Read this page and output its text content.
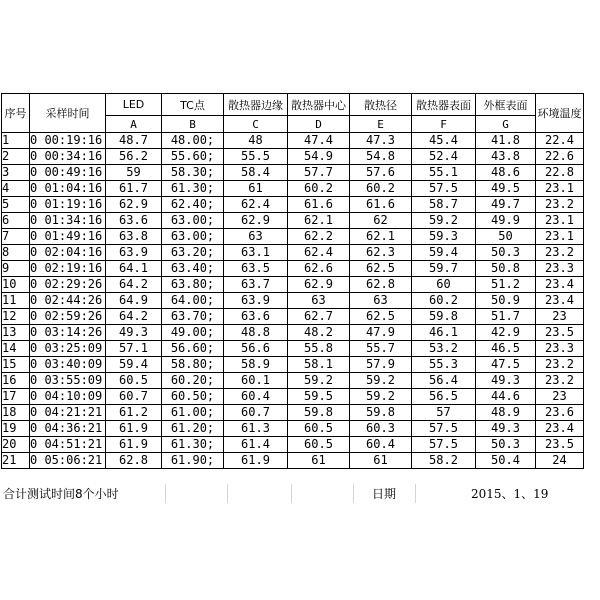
序号	采样时间	LED	TC点	散热器边缘	散热器中心	散热径	散热器表面	外框表面	环境温度
		A	B	C	D	E	F	G	
1	0 00:19:16	48.7	48.00;	48	47.4	47.3	45.4	41.8	22.4
2	0 00:34:16	56.2	55.60;	55.5	54.9	54.8	52.4	43.8	22.6
3	0 00:49:16	59	58.30;	58.4	57.7	57.6	55.1	48.6	22.8
4	0 01:04:16	61.7	61.30;	61	60.2	60.2	57.5	49.5	23.1
5	0 01:19:16	62.9	62.40;	62.4	61.6	61.6	58.7	49.7	23.2
6	0 01:34:16	63.6	63.00;	62.9	62.1	62	59.2	49.9	23.1
7	0 01:49:16	63.8	63.00;	63	62.2	62.1	59.3	50	23.1
8	0 02:04:16	63.9	63.20;	63.1	62.4	62.3	59.4	50.3	23.2
9	0 02:19:16	64.1	63.40;	63.5	62.6	62.5	59.7	50.8	23.3
10	0 02:29:26	64.2	63.80;	63.7	62.9	62.8	60	51.2	23.4
11	0 02:44:26	64.9	64.00;	63.9	63	63	60.2	50.9	23.4
12	0 02:59:26	64.2	63.70;	63.6	62.7	62.5	59.8	51.7	23
13	0 03:14:26	49.3	49.00;	48.8	48.2	47.9	46.1	42.9	23.5
14	0 03:25:09	57.1	56.60;	56.6	55.8	55.7	53.2	46.5	23.3
15	0 03:40:09	59.4	58.80;	58.9	58.1	57.9	55.3	47.5	23.2
16	0 03:55:09	60.5	60.20;	60.1	59.2	59.2	56.4	49.3	23.2
17	0 04:10:09	60.7	60.50;	60.4	59.5	59.2	56.5	44.6	23
18	0 04:21:21	61.2	61.00;	60.7	59.8	59.8	57	48.9	23.6
19	0 04:36:21	61.9	61.20;	61.3	60.5	60.3	57.5	49.3	23.4
20	0 04:51:21	61.9	61.30;	61.4	60.5	60.4	57.5	50.3	23.5
21	0 05:06:21	62.8	61.90;	61.9	61	61	58.2	50.4	24
合计测试时间8个小时	日期	2015、1、19
